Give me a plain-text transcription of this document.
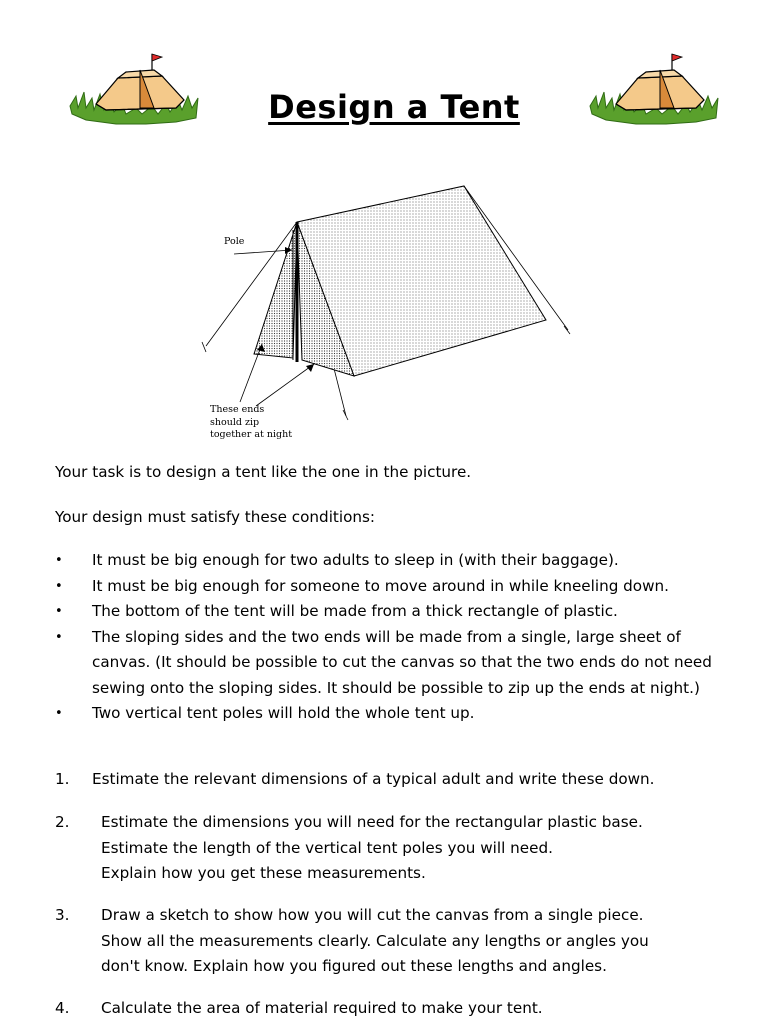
Design a Tent
Pole
These ends
should zip
together at night

Your task is to design a tent like the one in the picture.

Your design must satisfy these conditions:

• It must be big enough for two adults to sleep in (with their baggage).
• It must be big enough for someone to move around in while kneeling down.
• The bottom of the tent will be made from a thick rectangle of plastic.
• The sloping sides and the two ends will be made from a single, large sheet of canvas. (It should be possible to cut the canvas so that the two ends do not need sewing onto the sloping sides. It should be possible to zip up the ends at night.)
• Two vertical tent poles will hold the whole tent up.
1. Estimate the relevant dimensions of a typical adult and write these down.
2. Estimate the dimensions you will need for the rectangular plastic base.
Estimate the length of the vertical tent poles you will need.
Explain how you get these measurements.
3. Draw a sketch to show how you will cut the canvas from a single piece.
Show all the measurements clearly. Calculate any lengths or angles you
don't know. Explain how you figured out these lengths and angles.
4. Calculate the area of material required to make your tent.
